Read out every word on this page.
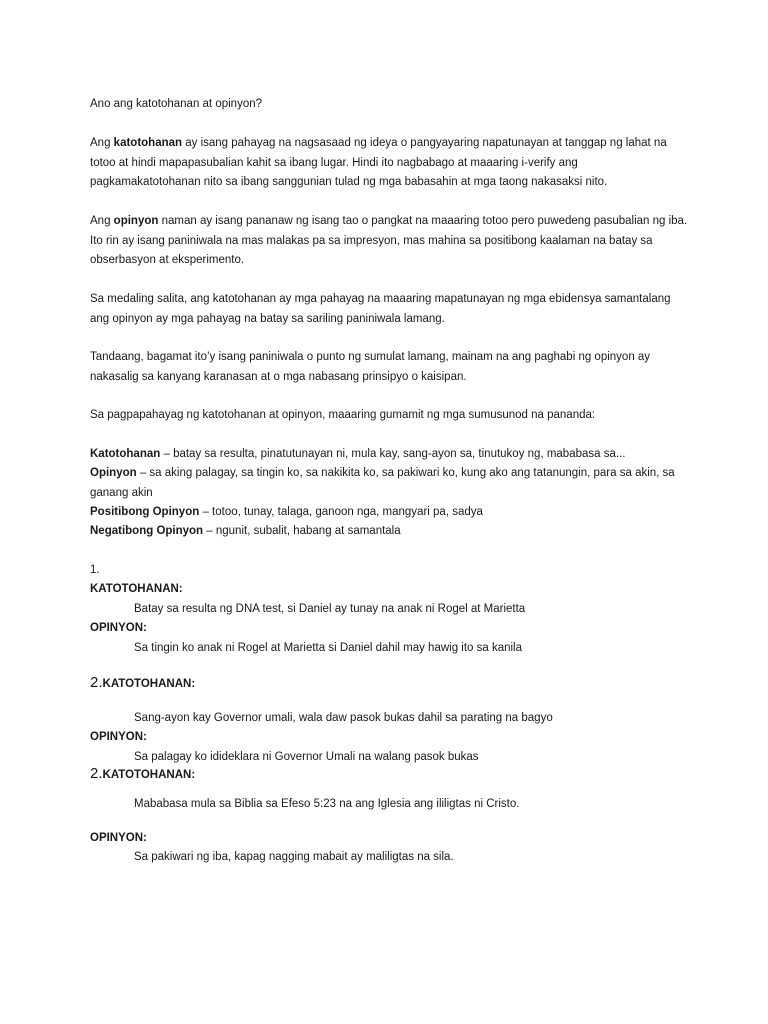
Ano ang katotohanan at opinyon?
Ang katotohanan ay isang pahayag na nagsasaad ng ideya o pangyayaring napatunayan at tanggap ng lahat na
totoo at hindi mapapasubalian kahit sa ibang lugar. Hindi ito nagbabago at maaaring i-verify ang
pagkamakatotohanan nito sa ibang sanggunian tulad ng mga babasahin at mga taong nakasaksi nito.
Ang opinyon naman ay isang pananaw ng isang tao o pangkat na maaaring totoo pero puwedeng pasubalian ng iba.
Ito rin ay isang paniniwala na mas malakas pa sa impresyon, mas mahina sa positibong kaalaman na batay sa
obserbasyon at eksperimento.
Sa medaling salita, ang katotohanan ay mga pahayag na maaaring mapatunayan ng mga ebidensya samantalang
ang opinyon ay mga pahayag na batay sa sariling paniniwala lamang.
Tandaang, bagamat ito’y isang paniniwala o punto ng sumulat lamang, mainam na ang paghabi ng opinyon ay
nakasalig sa kanyang karanasan at o mga nabasang prinsipyo o kaisipan.
Sa pagpapahayag ng katotohanan at opinyon, maaaring gumamit ng mga sumusunod na pananda:
Katotohanan – batay sa resulta, pinatutunayan ni, mula kay, sang-ayon sa, tinutukoy ng, mababasa sa...
Opinyon – sa aking palagay, sa tingin ko, sa nakikita ko, sa pakiwari ko, kung ako ang tatanungin, para sa akin, sa
ganang akin
Positibong Opinyon – totoo, tunay, talaga, ganoon nga, mangyari pa, sadya
Negatibong Opinyon – ngunit, subalit, habang at samantala
1.
KATOTOHANAN:
Batay sa resulta ng DNA test, si Daniel ay tunay na anak ni Rogel at Marietta
OPINYON:
Sa tingin ko anak ni Rogel at Marietta si Daniel dahil may hawig ito sa kanila
2.KATOTOHANAN:
Sang-ayon kay Governor umali, wala daw pasok bukas dahil sa parating na bagyo
OPINYON:
Sa palagay ko idideklara ni Governor Umali na walang pasok bukas
2.KATOTOHANAN:
Mababasa mula sa Biblia sa Efeso 5:23 na ang Iglesia ang ililigtas ni Cristo.
OPINYON:
Sa pakiwari ng iba, kapag nagging mabait ay maliligtas na sila.
